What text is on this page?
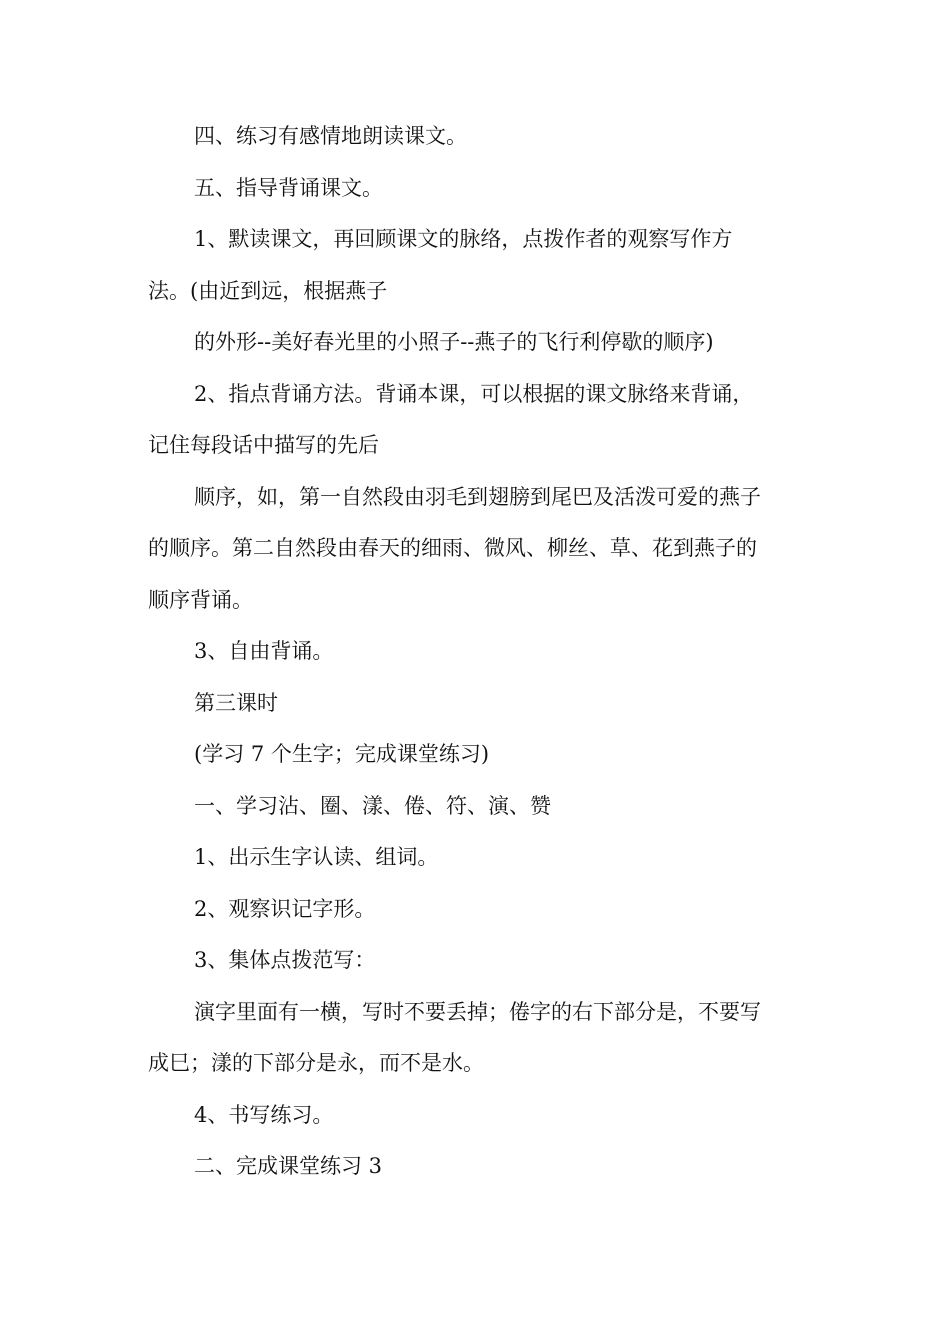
四、练习有感情地朗读课文。

五、指导背诵课文。

1、默读课文，再回顾课文的脉络，点拨作者的观察写作方

法。(由近到远，根据燕子

的外形--美好春光里的小照子--燕子的飞行利停歇的顺序)

2、指点背诵方法。背诵本课，可以根据的课文脉络来背诵，

记住每段话中描写的先后

顺序，如，第一自然段由羽毛到翅膀到尾巴及活泼可爱的燕子

的顺序。第二自然段由春天的细雨、微风、柳丝、草、花到燕子的

顺序背诵。

3、自由背诵。

第三课时

(学习 7 个生字；完成课堂练习)

一、学习沾、圈、漾、倦、符、演、赞

1、出示生字认读、组词。

2、观察识记字形。

3、集体点拨范写：

演字里面有一横，写时不要丢掉；倦字的右下部分是，不要写

成巳；漾的下部分是永，而不是水。

4、书写练习。

二、完成课堂练习 3
